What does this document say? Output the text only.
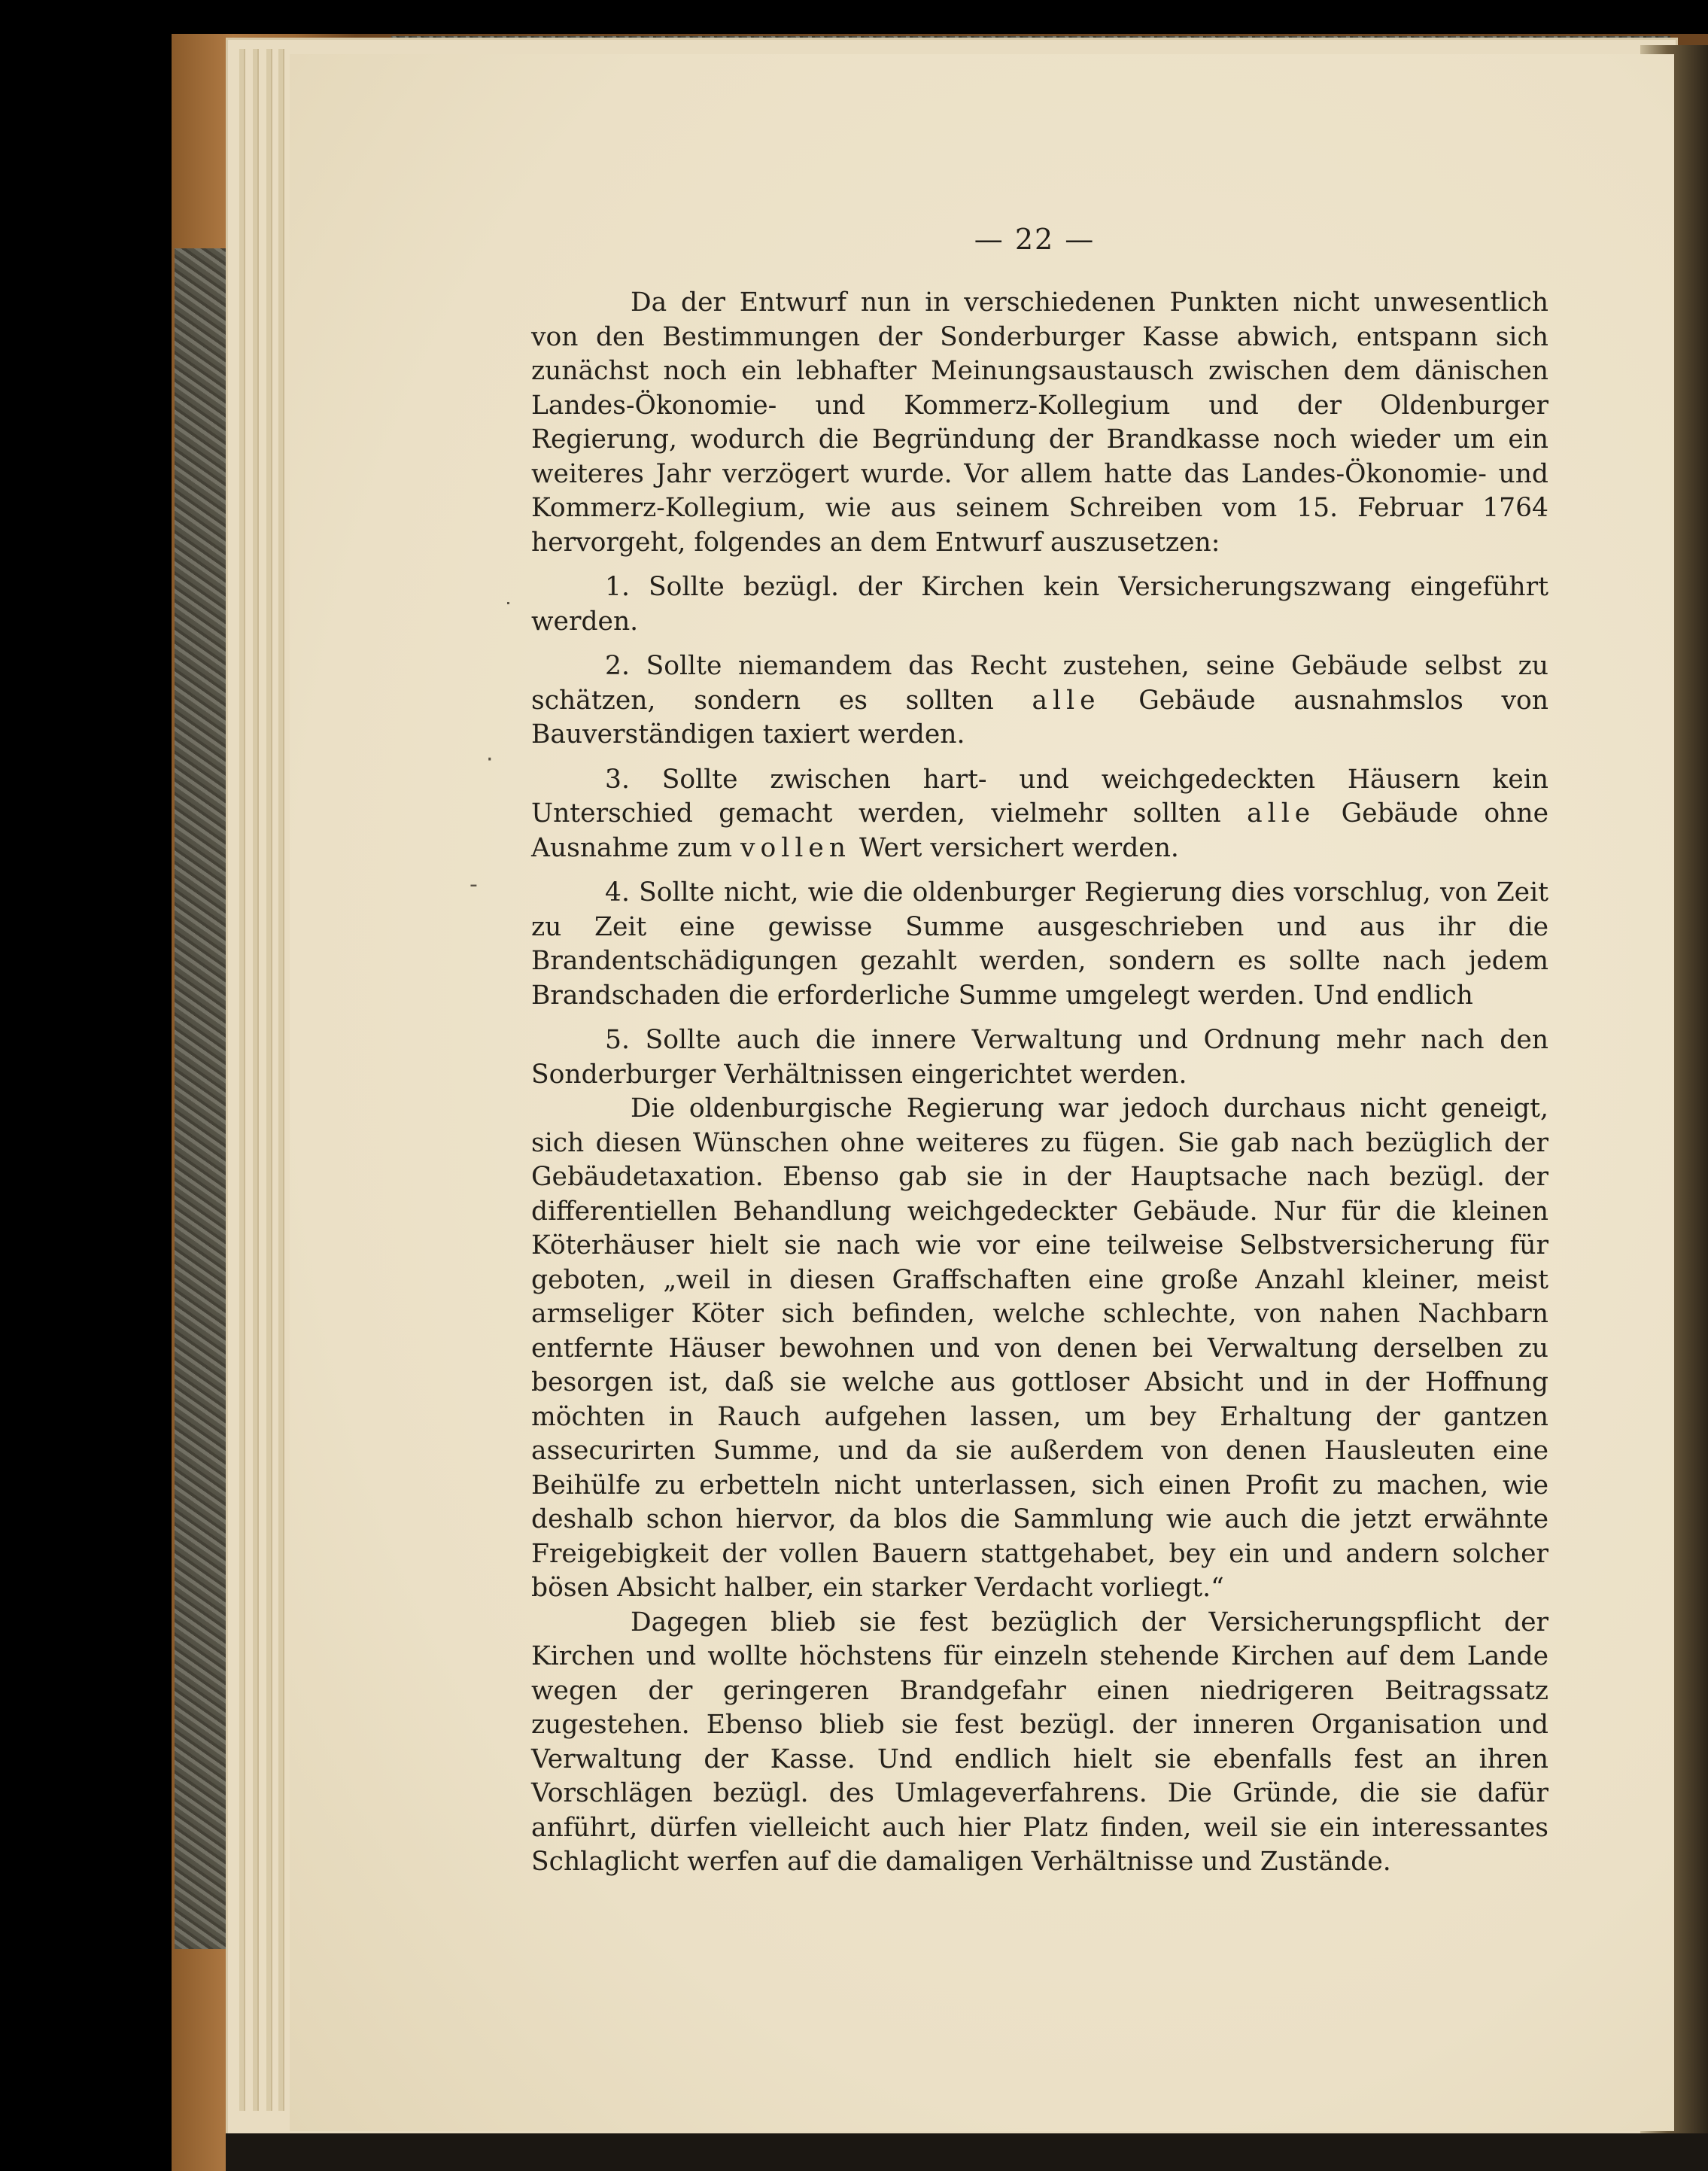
— 22 —
˙
·
-

Da der Entwurf nun in verschiedenen Punkten nicht unwesentlich von den Bestimmungen der Sonderburger Kasse abwich, entspann sich zunächst noch ein lebhafter Meinungsaustausch zwischen dem dänischen Landes-Ökonomie- und Kommerz-Kollegium und der Oldenburger Regierung, wodurch die Begründung der Brandkasse noch wieder um ein weiteres Jahr verzögert wurde. Vor allem hatte das Landes-Ökonomie- und Kommerz-Kollegium, wie aus seinem Schreiben vom 15. Februar 1764 hervorgeht, folgendes an dem Entwurf auszusetzen:

1. Sollte bezügl. der Kirchen kein Versicherungszwang eingeführt werden.

2. Sollte niemandem das Recht zustehen, seine Gebäude selbst zu schätzen, sondern es sollten alle Gebäude ausnahmslos von Bauverständigen taxiert werden.

3. Sollte zwischen hart- und weichgedeckten Häusern kein Unterschied gemacht werden, vielmehr sollten alle Gebäude ohne Ausnahme zum vollen Wert versichert werden.

4. Sollte nicht, wie die oldenburger Regierung dies vorschlug, von Zeit zu Zeit eine gewisse Summe ausgeschrieben und aus ihr die Brandentschädigungen gezahlt werden, sondern es sollte nach jedem Brandschaden die erforderliche Summe umgelegt werden. Und endlich

5. Sollte auch die innere Verwaltung und Ordnung mehr nach den Sonderburger Verhältnissen eingerichtet werden.

Die oldenburgische Regierung war jedoch durchaus nicht geneigt, sich diesen Wünschen ohne weiteres zu fügen. Sie gab nach bezüglich der Gebäudetaxation. Ebenso gab sie in der Hauptsache nach bezügl. der differentiellen Behandlung weichgedeckter Gebäude. Nur für die kleinen Köterhäuser hielt sie nach wie vor eine teilweise Selbstversicherung für geboten, „weil in diesen Graffschaften eine große Anzahl kleiner, meist armseliger Köter sich befinden, welche schlechte, von nahen Nachbarn entfernte Häuser bewohnen und von denen bei Verwaltung derselben zu besorgen ist, daß sie welche aus gottloser Absicht und in der Hoffnung möchten in Rauch aufgehen lassen, um bey Erhaltung der gantzen assecurirten Summe, und da sie außerdem von denen Hausleuten eine Beihülfe zu erbetteln nicht unterlassen, sich einen Profit zu machen, wie deshalb schon hiervor, da blos die Sammlung wie auch die jetzt erwähnte Freigebigkeit der vollen Bauern stattgehabet, bey ein und andern solcher bösen Absicht halber, ein starker Verdacht vorliegt.“

Dagegen blieb sie fest bezüglich der Versicherungspflicht der Kirchen und wollte höchstens für einzeln stehende Kirchen auf dem Lande wegen der geringeren Brandgefahr einen niedrigeren Beitragssatz zugestehen. Ebenso blieb sie fest bezügl. der inneren Organisation und Verwaltung der Kasse. Und endlich hielt sie ebenfalls fest an ihren Vorschlägen bezügl. des Umlageverfahrens. Die Gründe, die sie dafür anführt, dürfen vielleicht auch hier Platz finden, weil sie ein interessantes Schlaglicht werfen auf die damaligen Verhältnisse und Zustände.
